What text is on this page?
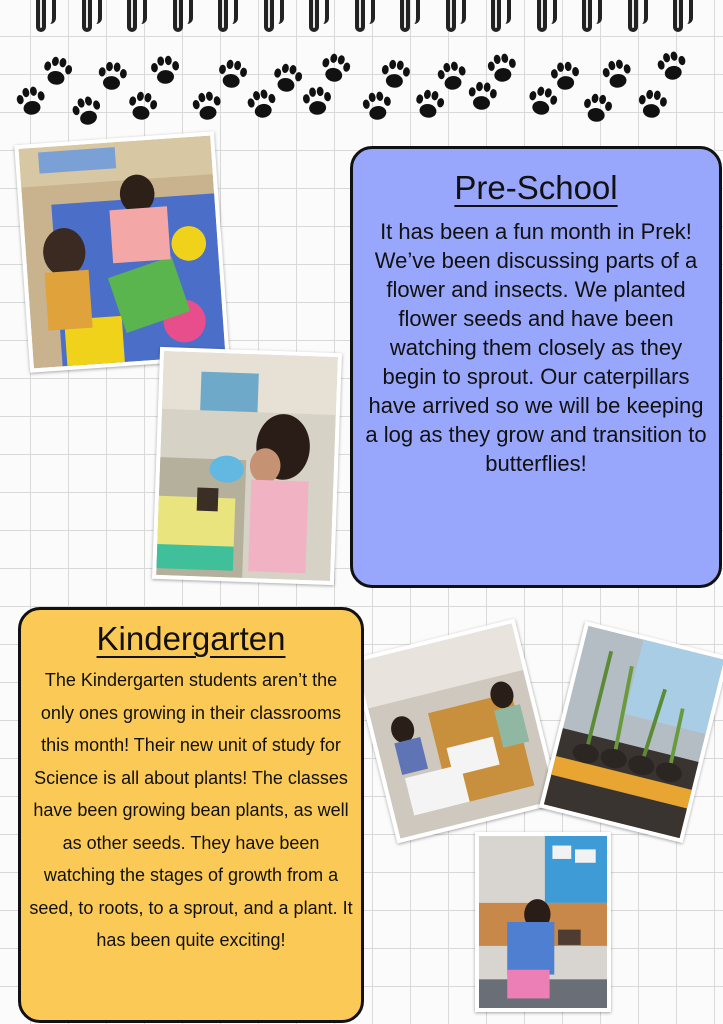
Pre-School

It has been a fun month in Prek! We’ve been discussing parts of a flower and insects. We planted flower seeds and have been watching them closely as they begin to sprout. Our caterpillars have arrived so we will be keeping a log as they grow and transition to butterflies!

Kindergarten

The Kindergarten students aren’t the only ones growing in their classrooms this month! Their new unit of study for Science is all about plants! The classes have been growing bean plants, as well as other seeds. They have been watching the stages of growth from a seed, to roots, to a sprout, and a plant. It has been quite exciting!
